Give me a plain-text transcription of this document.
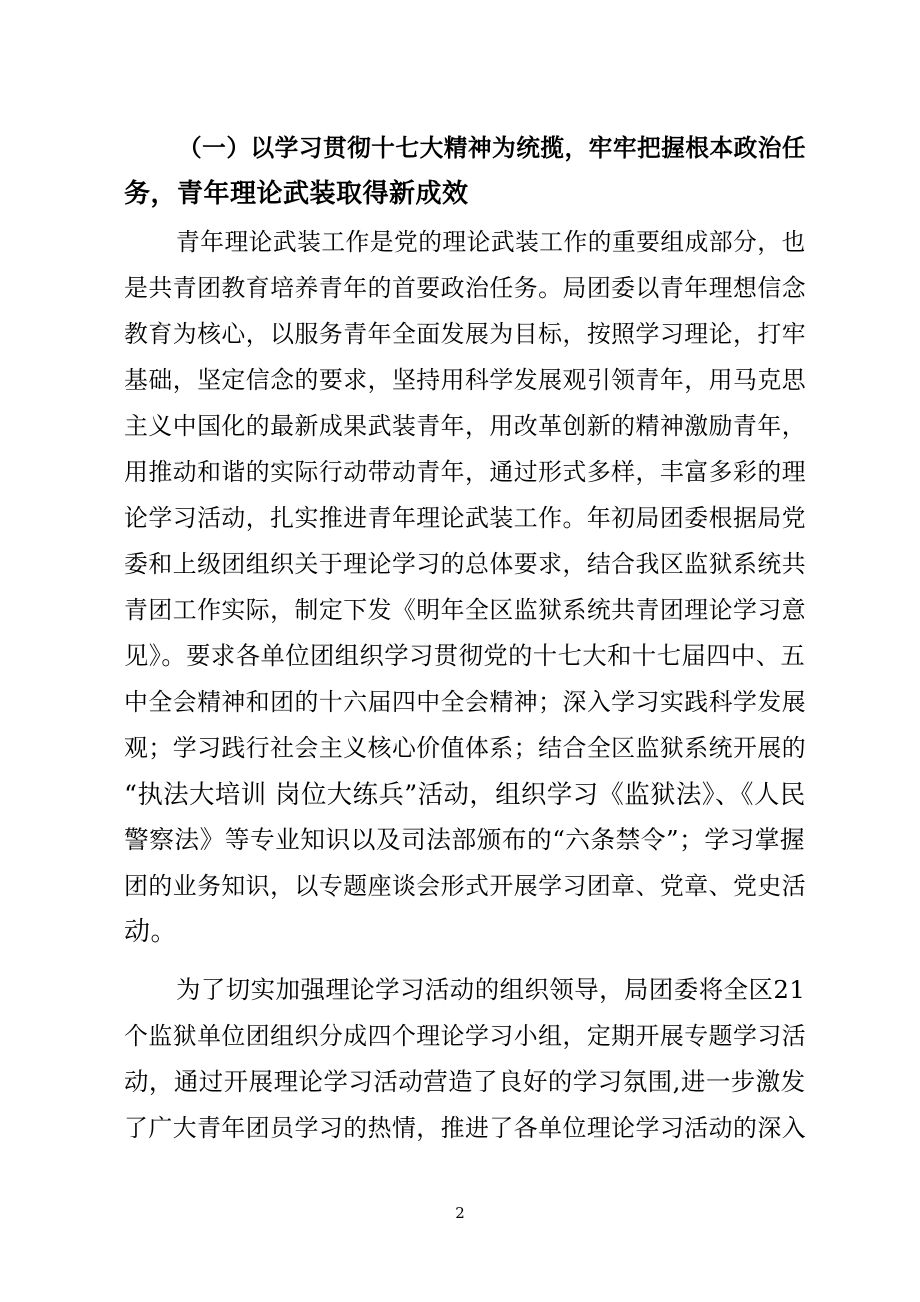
（一）以学习贯彻十七大精神为统揽，牢牢把握根本政治任
务，青年理论武装取得新成效
青年理论武装工作是党的理论武装工作的重要组成部分，也
是共青团教育培养青年的首要政治任务。局团委以青年理想信念
教育为核心，以服务青年全面发展为目标，按照学习理论，打牢
基础，坚定信念的要求，坚持用科学发展观引领青年，用马克思
主义中国化的最新成果武装青年，用改革创新的精神激励青年，
用推动和谐的实际行动带动青年，通过形式多样，丰富多彩的理
论学习活动，扎实推进青年理论武装工作。年初局团委根据局党
委和上级团组织关于理论学习的总体要求，结合我区监狱系统共
青团工作实际，制定下发《明年全区监狱系统共青团理论学习意
见》。要求各单位团组织学习贯彻党的十七大和十七届四中、五
中全会精神和团的十六届四中全会精神；深入学习实践科学发展
观；学习践行社会主义核心价值体系；结合全区监狱系统开展的
“执法大培训 岗位大练兵”活动，组织学习《监狱法》、《人民
警察法》等专业知识以及司法部颁布的“六条禁令”；学习掌握
团的业务知识，以专题座谈会形式开展学习团章、党章、党史活
动。
为了切实加强理论学习活动的组织领导，局团委将全区21
个监狱单位团组织分成四个理论学习小组，定期开展专题学习活
动，通过开展理论学习活动营造了良好的学习氛围,进一步激发
了广大青年团员学习的热情，推进了各单位理论学习活动的深入
2
